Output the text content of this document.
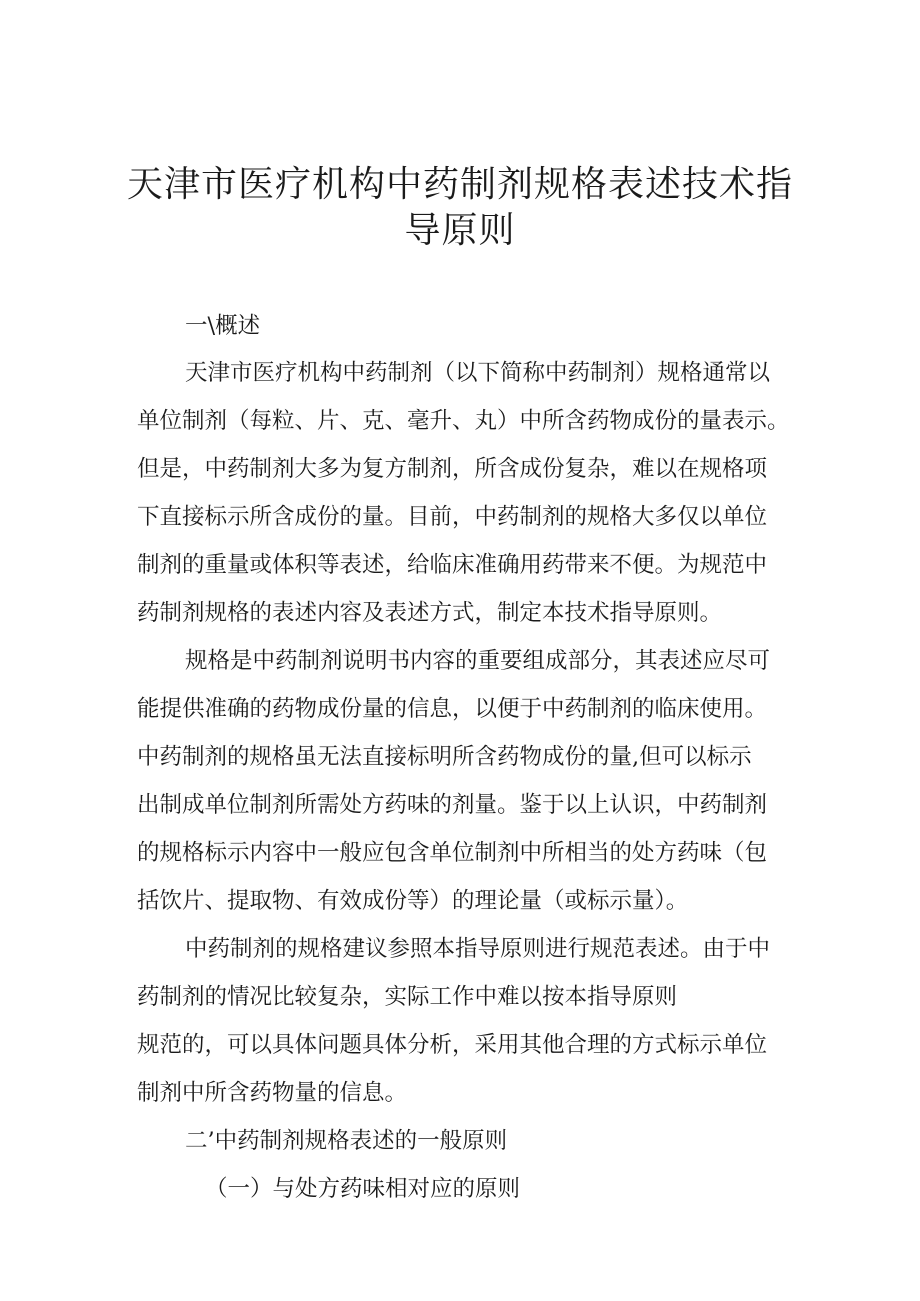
天津市医疗机构中药制剂规格表述技术指
导原则

一\概述

天津市医疗机构中药制剂（以下简称中药制剂）规格通常以

单位制剂（每粒、片、克、毫升、丸）中所含药物成份的量表示。

但是，中药制剂大多为复方制剂，所含成份复杂，难以在规格项

下直接标示所含成份的量。目前，中药制剂的规格大多仅以单位

制剂的重量或体积等表述，给临床准确用药带来不便。为规范中

药制剂规格的表述内容及表述方式，制定本技术指导原则。

规格是中药制剂说明书内容的重要组成部分，其表述应尽可

能提供准确的药物成份量的信息，以便于中药制剂的临床使用。

中药制剂的规格虽无法直接标明所含药物成份的量,但可以标示

出制成单位制剂所需处方药味的剂量。鉴于以上认识，中药制剂

的规格标示内容中一般应包含单位制剂中所相当的处方药味（包

括饮片、提取物、有效成份等）的理论量（或标示量）。

中药制剂的规格建议参照本指导原则进行规范表述。由于中

药制剂的情况比较复杂，实际工作中难以按本指导原则

规范的，可以具体问题具体分析，采用其他合理的方式标示单位

制剂中所含药物量的信息。

二’中药制剂规格表述的一般原则

（一）与处方药味相对应的原则
